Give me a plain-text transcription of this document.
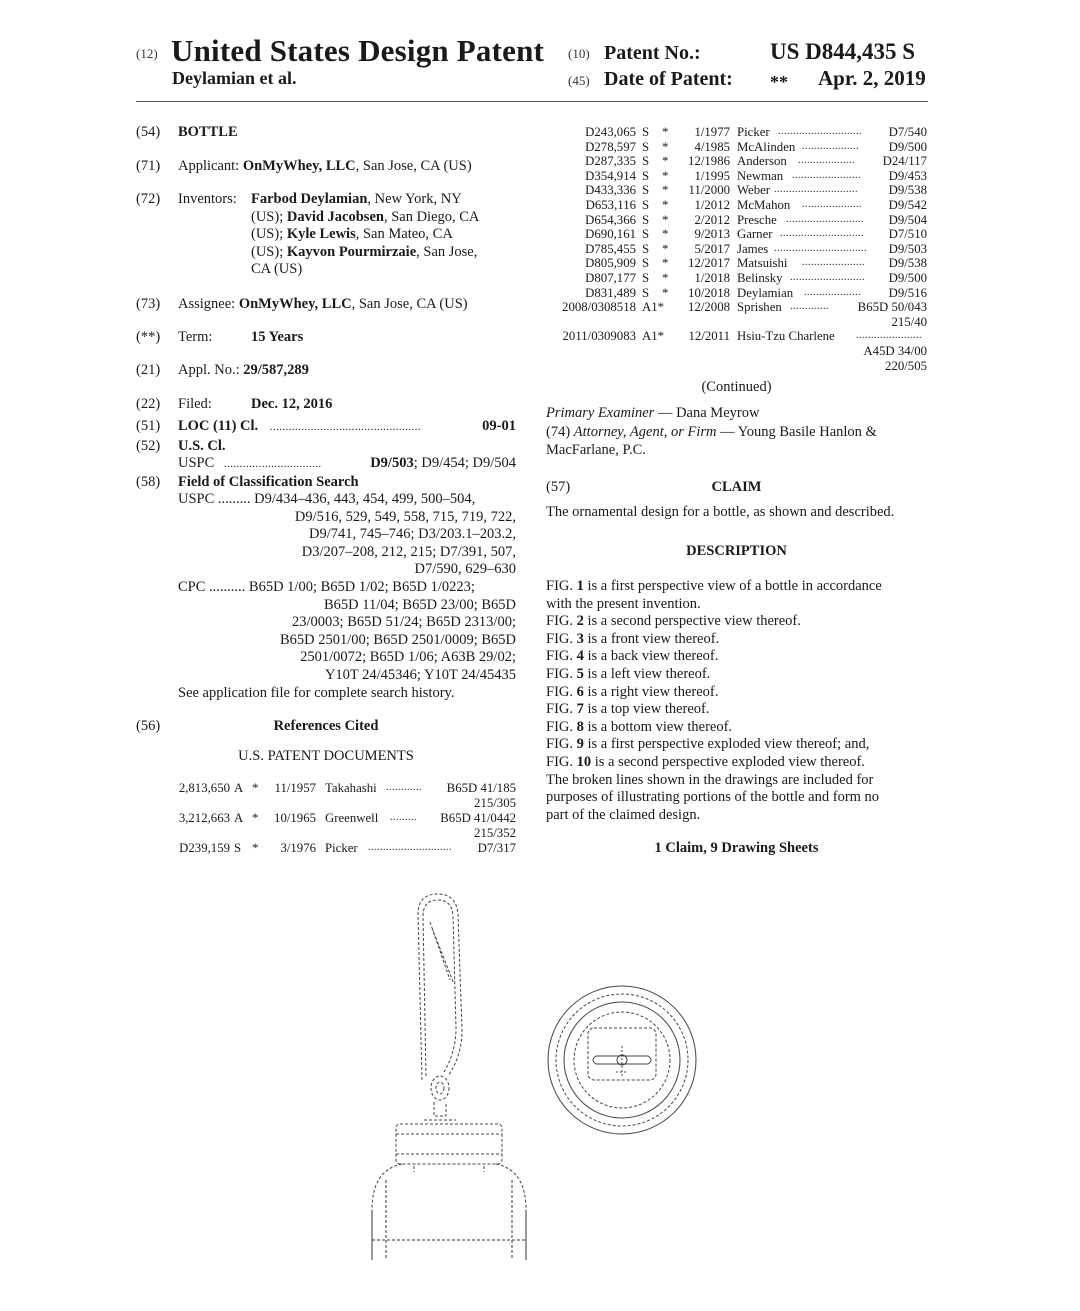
(12) United States Design Patent
Deylamian et al.
(10) Patent No.:	US D844,435 S
(45) Date of Patent: ** Apr. 2, 2019
(54) BOTTLE
(71) Applicant: OnMyWhey, LLC, San Jose, CA (US)
(72) Inventors: Farbod Deylamian, New York, NY
(US); David Jacobsen, San Diego, CA
(US); Kyle Lewis, San Mateo, CA
(US); Kayvon Pourmirzaie, San Jose,
CA (US)
(73) Assignee: OnMyWhey, LLC, San Jose, CA (US)
(**) Term:	15 Years
(21) Appl. No.: 29/587,289
(22) Filed:	Dec. 12, 2016
(51) LOC (11) Cl. ................................................	09-01
(52) U.S. Cl.
USPC ...............................	D9/503; D9/454; D9/504
(58) Field of Classification Search
USPC ......... D9/434–436, 443, 454, 499, 500–504,
D9/516, 529, 549, 558, 715, 719, 722,
D9/741, 745–746; D3/203.1–203.2,
D3/207–208, 212, 215; D7/391, 507,
D7/590, 629–630
CPC .......... B65D 1/00; B65D 1/02; B65D 1/0223;
B65D 11/04; B65D 23/00; B65D
23/0003; B65D 51/24; B65D 2313/00;
B65D 2501/00; B65D 2501/0009; B65D
2501/0072; B65D 1/06; A63B 29/02;
Y10T 24/45346; Y10T 24/45435
See application file for complete search history.
(56)	References Cited
U.S. PATENT DOCUMENTS
2,813,650 A *	11/1957 Takahashi ............ B65D 41/185
215/305
3,212,663 A *	10/1965 Greenwell ......... B65D 41/0442
215/352
D239,159 S *	3/1976 Picker ............................ D7/317
D243,065 S *	1/1977 Picker ............................ D7/540
D278,597 S *	4/1985 McAlinden ................... D9/500
D287,335 S *	12/1986 Anderson ................... D24/117
D354,914 S *	1/1995 Newman ....................... D9/453
D433,336 S *	11/2000 Weber ............................ D9/538
D653,116 S *	1/2012 McMahon .................... D9/542
D654,366 S *	2/2012 Presche .......................... D9/504
D690,161 S *	9/2013 Garner ............................ D7/510
D785,455 S *	5/2017 James ............................... D9/503
D805,909 S *	12/2017 Matsuishi ..................... D9/538
D807,177 S *	1/2018 Belinsky ......................... D9/500
D831,489 S *	10/2018 Deylamian ................... D9/516
2008/0308518 A1*	12/2008 Sprishen ............. B65D 50/043
215/40
2011/0309083 A1*	12/2011 Hsiu-Tzu Charlene ......................
A45D 34/00
220/505
(Continued)
Primary Examiner — Dana Meyrow
(74) Attorney, Agent, or Firm — Young Basile Hanlon &
MacFarlane, P.C.
(57)	CLAIM
The ornamental design for a bottle, as shown and described.
DESCRIPTION
FIG. 1 is a first perspective view of a bottle in accordance
with the present invention.
FIG. 2 is a second perspective view thereof.
FIG. 3 is a front view thereof.
FIG. 4 is a back view thereof.
FIG. 5 is a left view thereof.
FIG. 6 is a right view thereof.
FIG. 7 is a top view thereof.
FIG. 8 is a bottom view thereof.
FIG. 9 is a first perspective exploded view thereof; and,
FIG. 10 is a second perspective exploded view thereof.
The broken lines shown in the drawings are included for
purposes of illustrating portions of the bottle and form no
part of the claimed design.
1 Claim, 9 Drawing Sheets
